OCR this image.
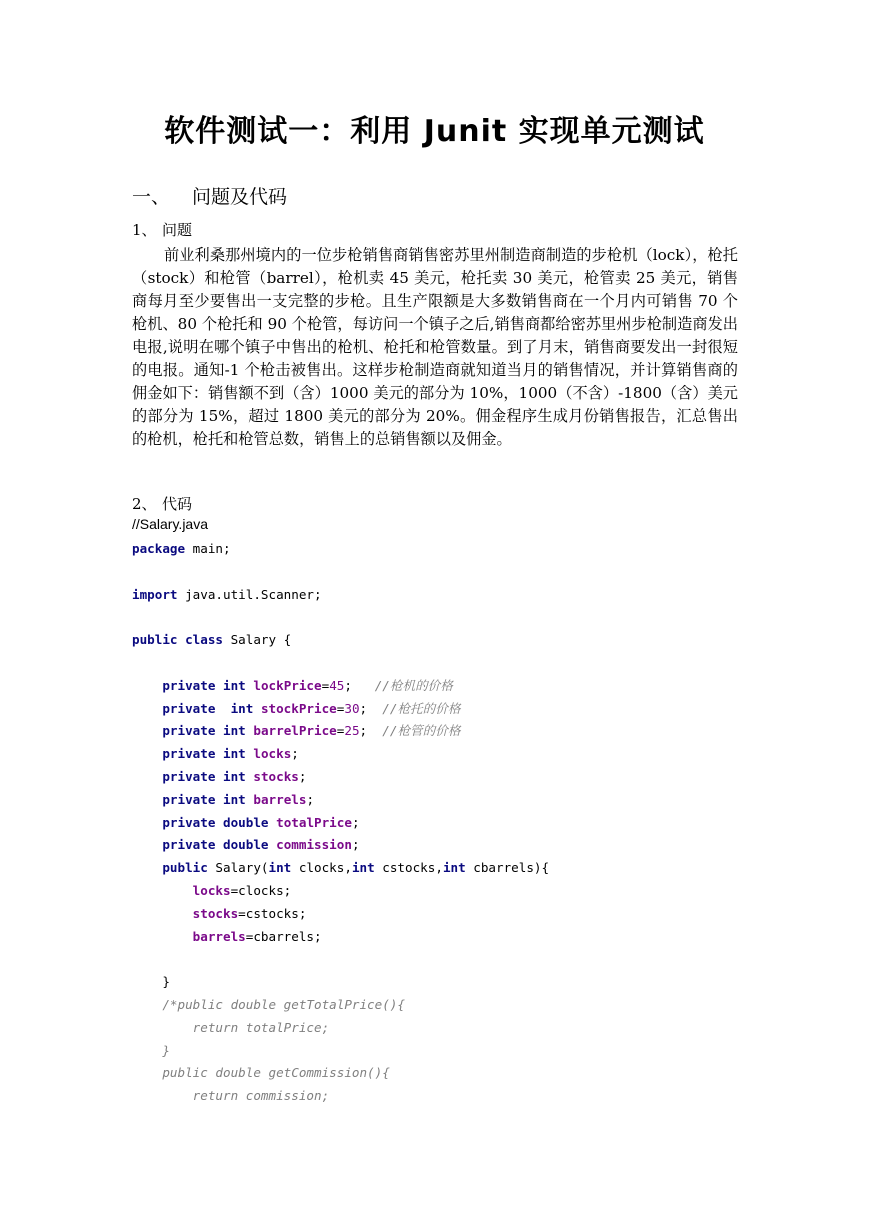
软件测试一：利用 Junit 实现单元测试
一、 问题及代码
1、 问题

前业利桑那州境内的一位步枪销售商销售密苏里州制造商制造的步枪机（lock），枪托（stock）和枪管（barrel），枪机卖 45 美元，枪托卖 30 美元，枪管卖 25 美元，销售商每月至少要售出一支完整的步枪。且生产限额是大多数销售商在一个月内可销售 70 个枪机、80 个枪托和 90 个枪管，每访问一个镇子之后,销售商都给密苏里州步枪制造商发出电报,说明在哪个镇子中售出的枪机、枪托和枪管数量。到了月末，销售商要发出一封很短的电报。通知-1 个枪击被售出。这样步枪制造商就知道当月的销售情况，并计算销售商的佣金如下：销售额不到（含）1000 美元的部分为 10%，1000（不含）-1800（含）美元的部分为 15%，超过 1800 美元的部分为 20%。佣金程序生成月份销售报告，汇总售出的枪机，枪托和枪管总数，销售上的总销售额以及佣金。

2、 代码
//Salary.java
package main;

import java.util.Scanner;

public class Salary {

private int lockPrice=45;   //枪机的价格
private int stockPrice=30;  //枪托的价格
private int barrelPrice=25;  //枪管的价格
private int locks;
private int stocks;
private int barrels;
private double totalPrice;
private double commission;
public Salary(int clocks,int cstocks,int cbarrels){
locks=clocks;
stocks=cstocks;
barrels=cbarrels;

}
/*public double getTotalPrice(){
return totalPrice;
}
public double getCommission(){
return commission;
